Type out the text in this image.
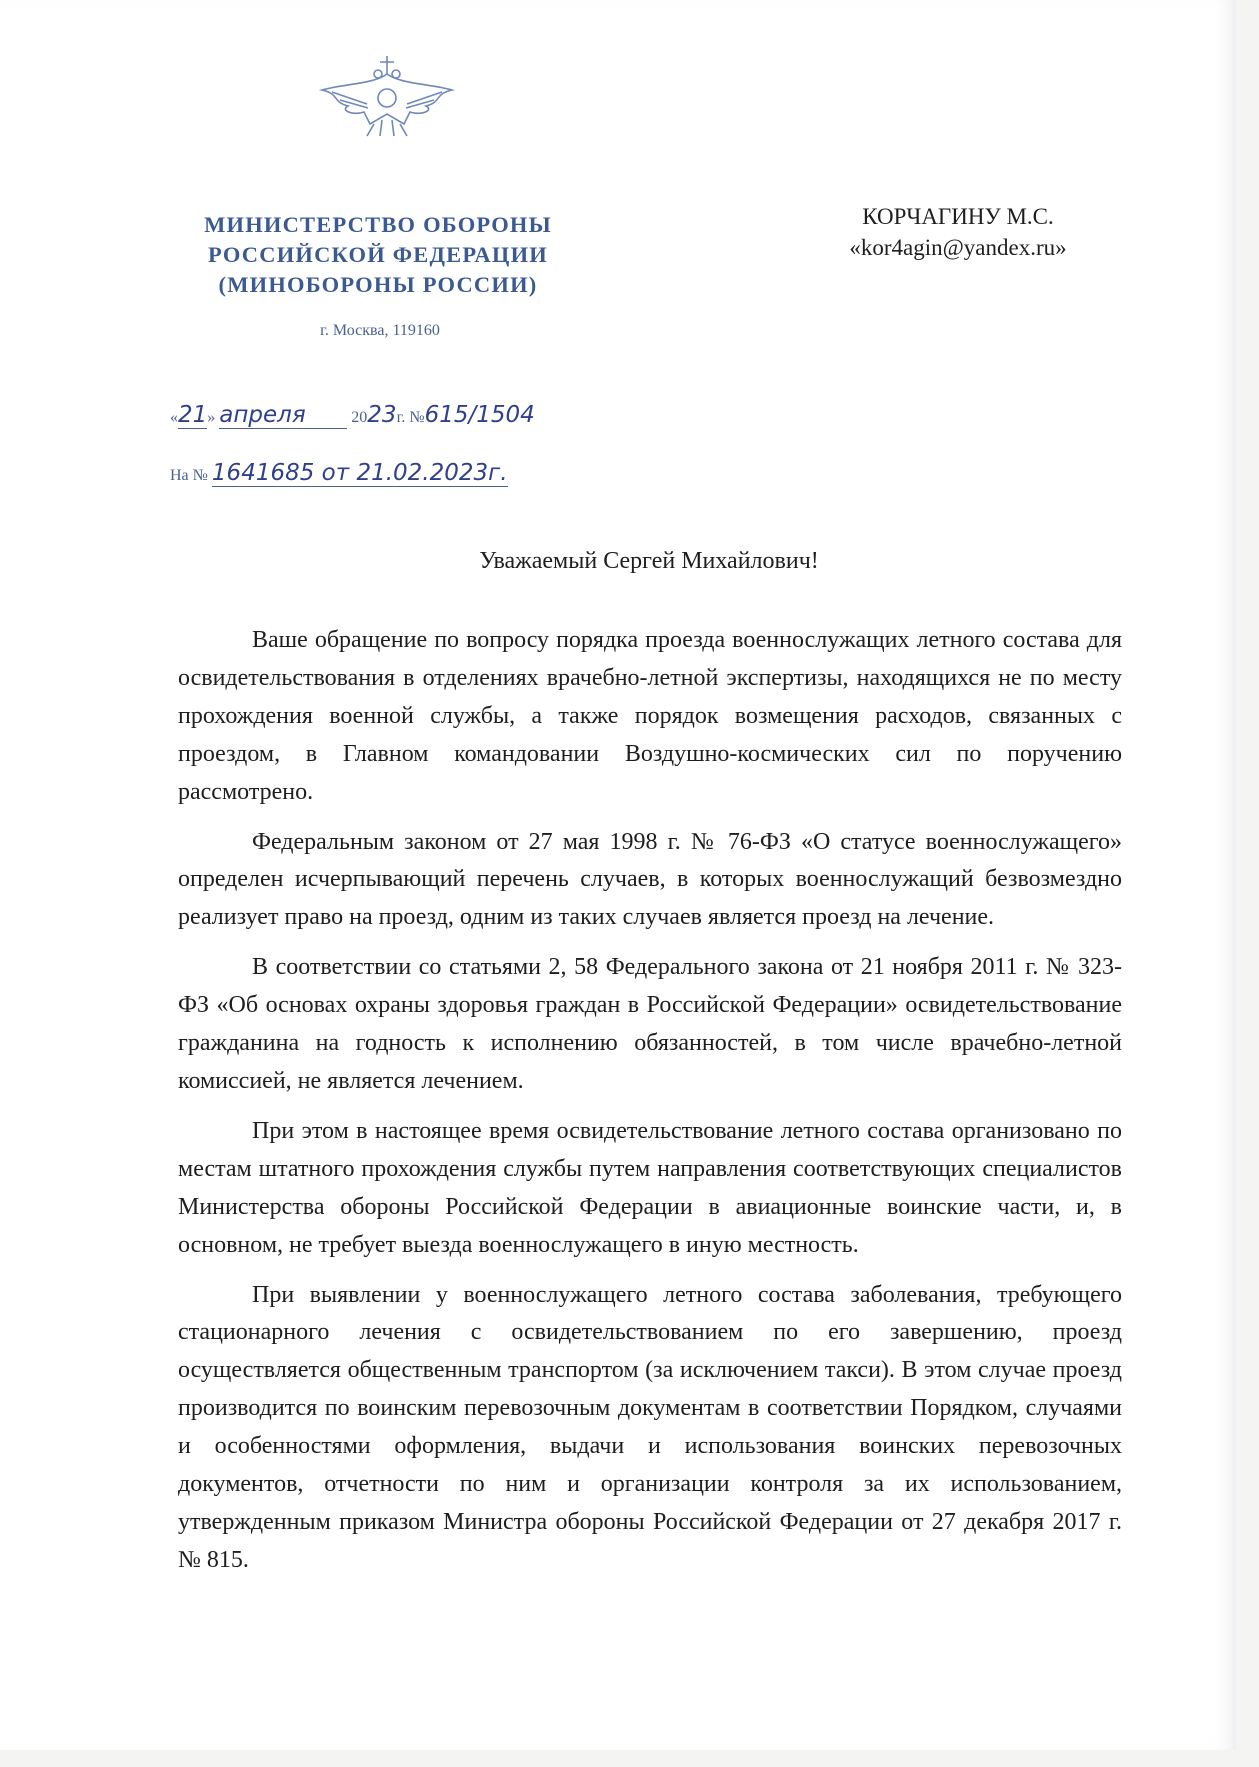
МИНИСТЕРСТВО ОБОРОНЫ
РОССИЙСКОЙ ФЕДЕРАЦИИ
(МИНОБОРОНЫ РОССИИ)
г. Москва, 119160
КОРЧАГИНУ М.С.
«kor4agin@yandex.ru»
«21» апреля	2023г. №615/1504
На № 1641685 от 21.02.2023г.
Уважаемый Сергей Михайлович!

Ваше обращение по вопросу порядка проезда военнослужащих летного состава для освидетельствования в отделениях врачебно-летной экспертизы, находящихся не по месту прохождения военной службы, а также порядок возмещения расходов, связанных с проездом, в Главном командовании Воздушно-космических сил по поручению рассмотрено.

Федеральным законом от 27 мая 1998 г. № 76-ФЗ «О статусе военнослужащего» определен исчерпывающий перечень случаев, в которых военнослужащий безвозмездно реализует право на проезд, одним из таких случаев является проезд на лечение.

В соответствии со статьями 2, 58 Федерального закона от 21 ноября 2011 г. № 323-ФЗ «Об основах охраны здоровья граждан в Российской Федерации» освидетельствование гражданина на годность к исполнению обязанностей, в том числе врачебно-летной комиссией, не является лечением.

При этом в настоящее время освидетельствование летного состава организовано по местам штатного прохождения службы путем направления соответствующих специалистов Министерства обороны Российской Федерации в авиационные воинские части, и, в основном, не требует выезда военнослужащего в иную местность.

При выявлении у военнослужащего летного состава заболевания, требующего стационарного лечения с освидетельствованием по его завершению, проезд осуществляется общественным транспортом (за исключением такси). В этом случае проезд производится по воинским перевозочным документам в соответствии Порядком, случаями и особенностями оформления, выдачи и использования воинских перевозочных документов, отчетности по ним и организации контроля за их использованием, утвержденным приказом Министра обороны Российской Федерации от 27 декабря 2017 г. № 815.
